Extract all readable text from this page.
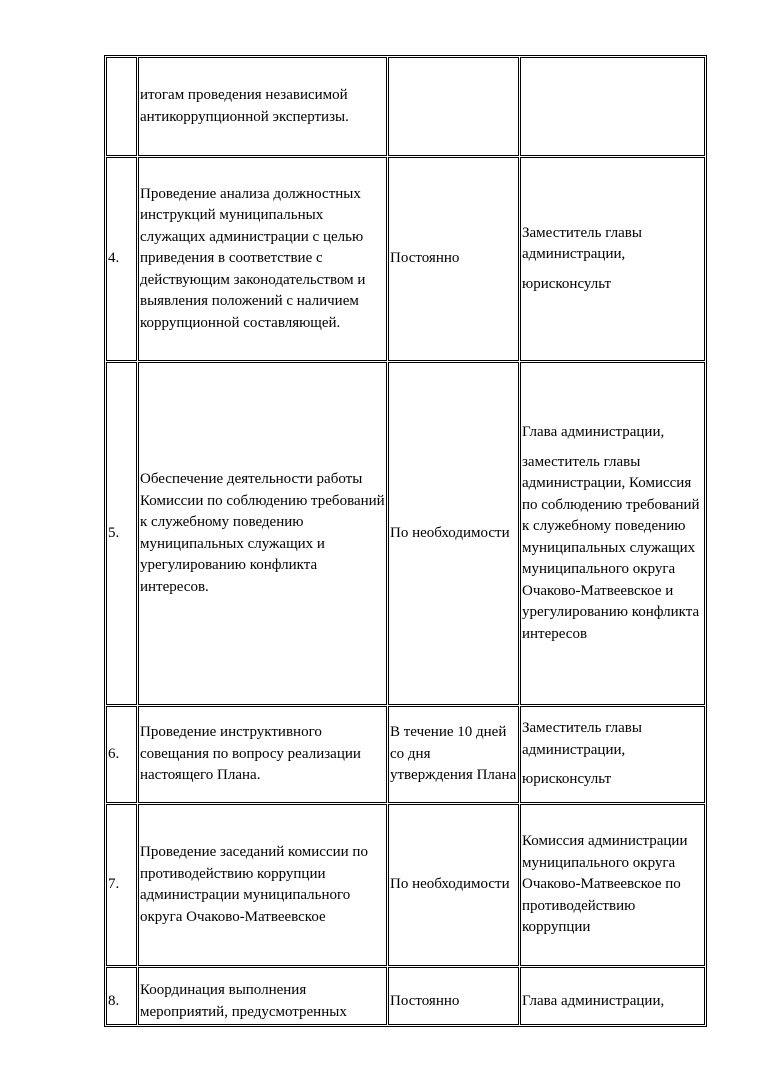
	итогам проведения независимой антикоррупционной экспертизы.		
4.	Проведение анализа должностных инструкций муниципальных служащих администрации с целью приведения в соответствие с действующим законодательством и выявления положений с наличием коррупционной составляющей.	Постоянно	Заместитель главы администрации,

юрисконсульт

5.	Обеспечение деятельности работы Комиссии по соблюдению требований к служебному поведению муниципальных служащих и урегулированию конфликта интересов.	По необходимости	Глава администрации,

заместитель главы администрации, Комиссия по соблюдению требований к служебному поведению муниципальных служащих муниципального округа Очаково-Матвеевское и урегулированию конфликта интересов

6.	Проведение инструктивного совещания по вопросу реализации настоящего Плана.	В течение 10 дней со дня утверждения Плана	Заместитель главы администрации,

юрисконсульт

7.	Проведение заседаний комиссии по противодействию коррупции администрации муниципального округа Очаково-Матвеевское	По необходимости	Комиссия администрации муниципального округа Очаково-Матвеевское по противодействию коррупции

8.	Координация выполнения мероприятий, предусмотренных	Постоянно	Глава администрации,
